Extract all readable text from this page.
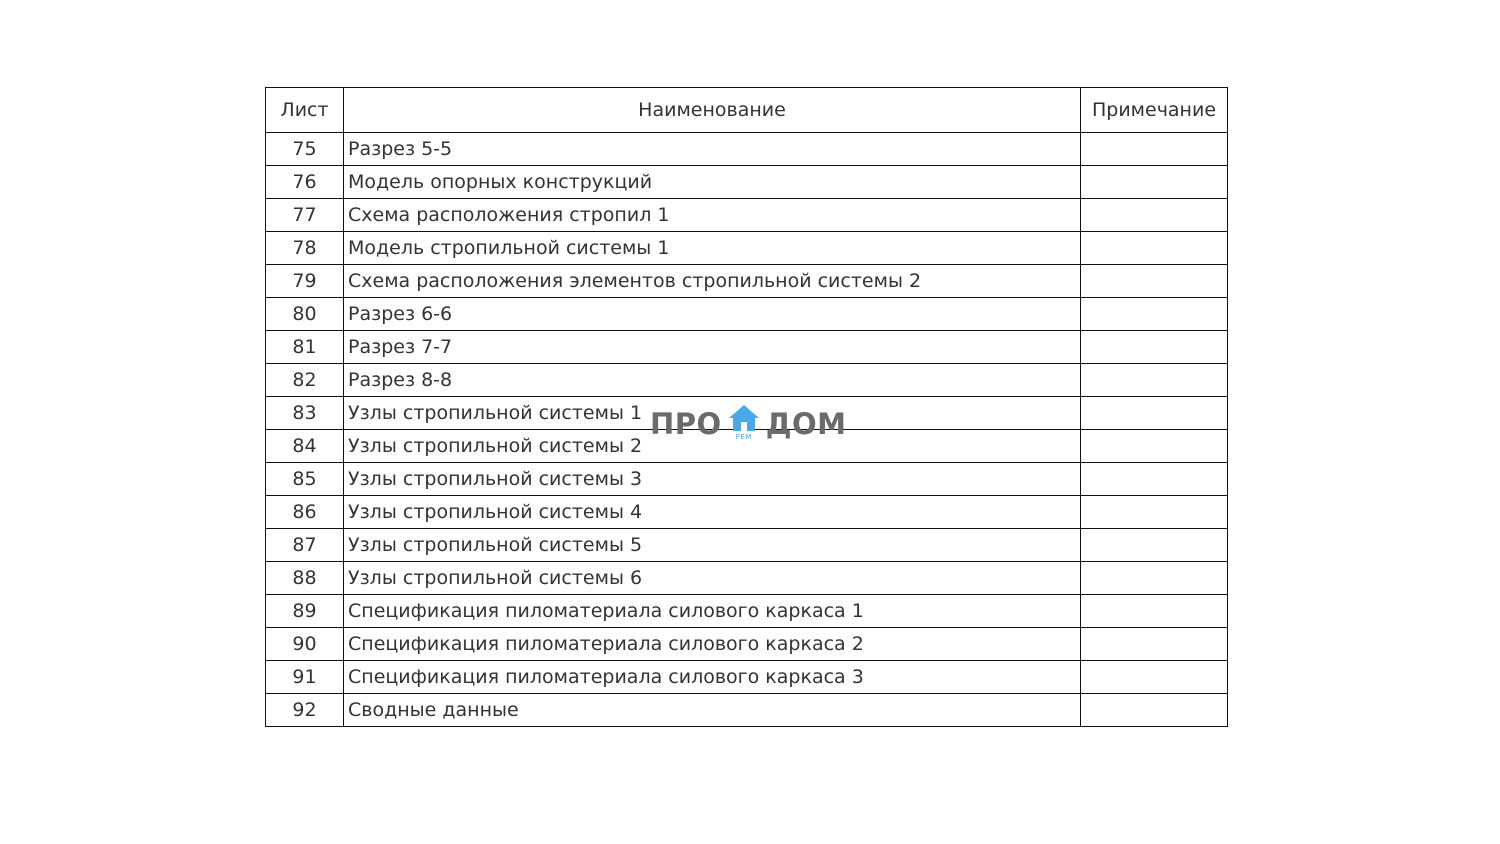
Лист	Наименование	Примечание
75	Разрез 5-5	
76	Модель опорных конструкций	
77	Схема расположения стропил 1	
78	Модель стропильной системы 1	
79	Схема расположения элементов стропильной системы 2	
80	Разрез 6-6	
81	Разрез 7-7	
82	Разрез 8-8	
83	Узлы стропильной системы 1	
84	Узлы стропильной системы 2	
85	Узлы стропильной системы 3	
86	Узлы стропильной системы 4	
87	Узлы стропильной системы 5	
88	Узлы стропильной системы 6	
89	Спецификация пиломатериала силового каркаса 1	
90	Спецификация пиломатериала силового каркаса 2	
91	Спецификация пиломатериала силового каркаса 3	
92	Сводные данные	
ПРО	РЕМ ДОМ
